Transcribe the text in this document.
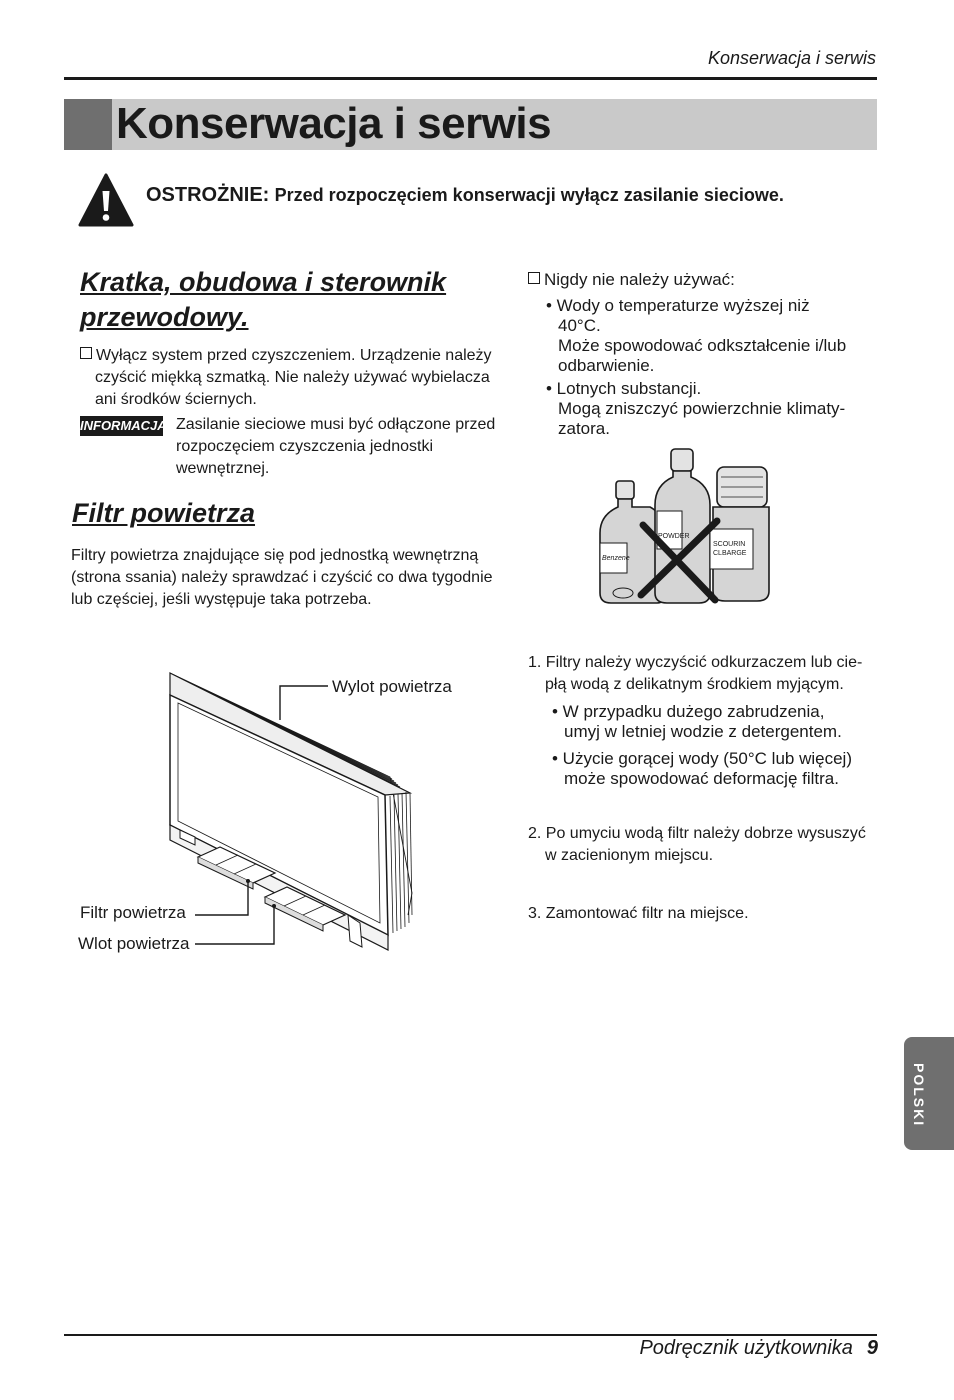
Konserwacja i serwis
Konserwacja i serwis
OSTROŻNIE: Przed rozpoczęciem konserwacji wyłącz zasilanie sieciowe.
Kratka, obudowa i sterownik
przewodowy.
Wyłącz system przed czyszczeniem. Urządzenie należy
czyścić miękką szmatką. Nie należy używać wybielacza
ani środków ściernych.
INFORMACJA Zasilanie sieciowe musi być odłączone przed
rozpoczęciem czyszczenia jednostki
wewnętrznej.
Filtr powietrza
Filtry powietrza znajdujące się pod jednostką wewnętrzną
(strona ssania) należy sprawdzać i czyścić co dwa tygodnie
lub częściej, jeśli występuje taka potrzeba.
Nigdy nie należy używać:
• Wody o temperaturze wyższej niż
40°C.
Może spowodować odkształcenie i/lub
odbarwienie.
• Lotnych substancji.
Mogą zniszczyć powierzchnie klimaty-
zatora.
Benzene
POWDER
SCOURIN
CLBARGE
Wylot powietrza
Filtr powietrza
Wlot powietrza
1. Filtry należy wyczyścić odkurzaczem lub cie-
płą wodą z delikatnym środkiem myjącym.
• W przypadku dużego zabrudzenia,
umyj w letniej wodzie z detergentem.
• Użycie gorącej wody (50°C lub więcej)
może spowodować deformację filtra.
2. Po umyciu wodą filtr należy dobrze wysuszyć
w zacienionym miejscu.
3. Zamontować filtr na miejsce.
POLSKI
Podręcznik użytkownika 9
